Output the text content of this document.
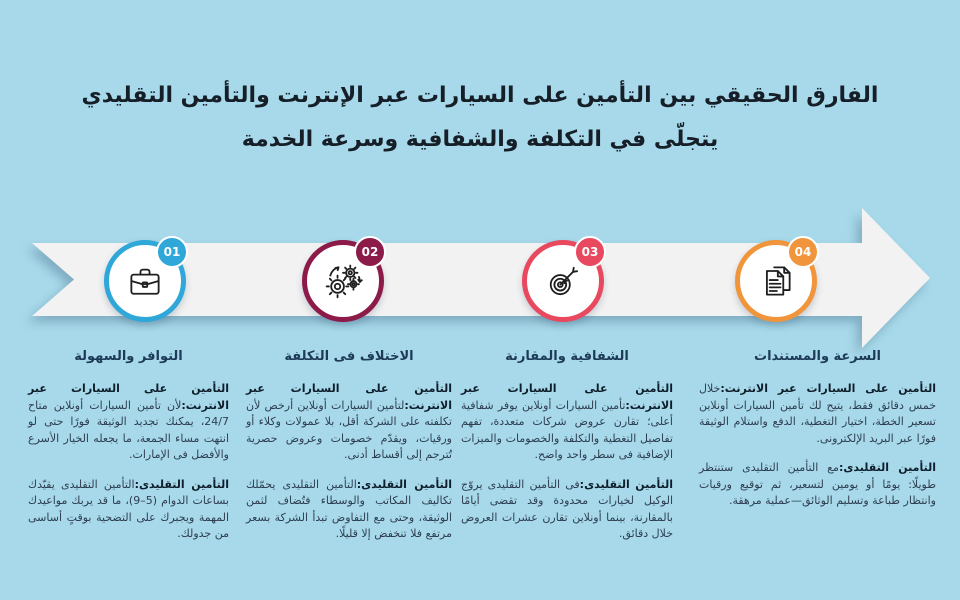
الفارق الحقيقي بين التأمين على السيارات عبر الإنترنت والتأمين التقليدي
يتجلّى في التكلفة والشفافية وسرعة الخدمة
01	02	03	04
التوافر والسهولة

التأمين على السيارات عبر الانترنت:لأن تأمين السيارات أونلاين متاح 24/7، يمكنك تجديد الوثيقة فورًا حتى لو انتهت مساء الجمعة، ما يجعله الخيار الأسرع والأفضل فى الإمارات.

التأمين التقليدى:التأمين التقليدى يقيّدك بساعات الدوام ‭(9–5)‬، ما قد يربك مواعيدك المهمة ويجبرك على التضحية بوقتٍ أساسى من جدولك.

الاختلاف فى التكلفة

التأمين على السيارات عبر الانترنت:لتأمين السيارات أونلاين أرخص لأن تكلفته على الشركة أقل، بلا عمولات وكلاء أو ورقيات، ويقدّم خصومات وعروض حصرية تُترجم إلى أقساط أدنى.

التأمين التقليدى:التأمين التقليدى يحمّلك تكاليف المكاتب والوسطاء فتُضاف لثمن الوثيقة، وحتى مع التفاوض تبدأ الشركة بسعر مرتفع فلا تنخفض إلا قليلًا.

الشفافية والمقارنة

التأمين على السيارات عبر الانترنت:تأمين السيارات أونلاين يوفر شفافية أعلى؛ تقارن عروض شركات متعددة، تفهم تفاصيل التغطية والتكلفة والخصومات والميزات الإضافية فى سطر واحد واضح.

التأمين التقليدى:فى التأمين التقليدى يروّج الوكيل لخيارات محدودة وقد تقضى أيامًا بالمقارنة، بينما أونلاين تقارن عشرات العروض خلال دقائق.

السرعة والمستندات

التأمين على السيارات عبر الانترنت:خلال خمس دقائق فقط، يتيح لك تأمين السيارات أونلاين تسعير الخطة، اختيار التغطية، الدفع واستلام الوثيقة فورًا عبر البريد الإلكترونى.

التأمين التقليدى:مع التأمين التقليدى ستنتظر طويلًا: يومًا أو يومين لتسعير، ثم توقيع ورقيات وانتظار طباعة وتسليم الوثائق—عملية مرهقة.
